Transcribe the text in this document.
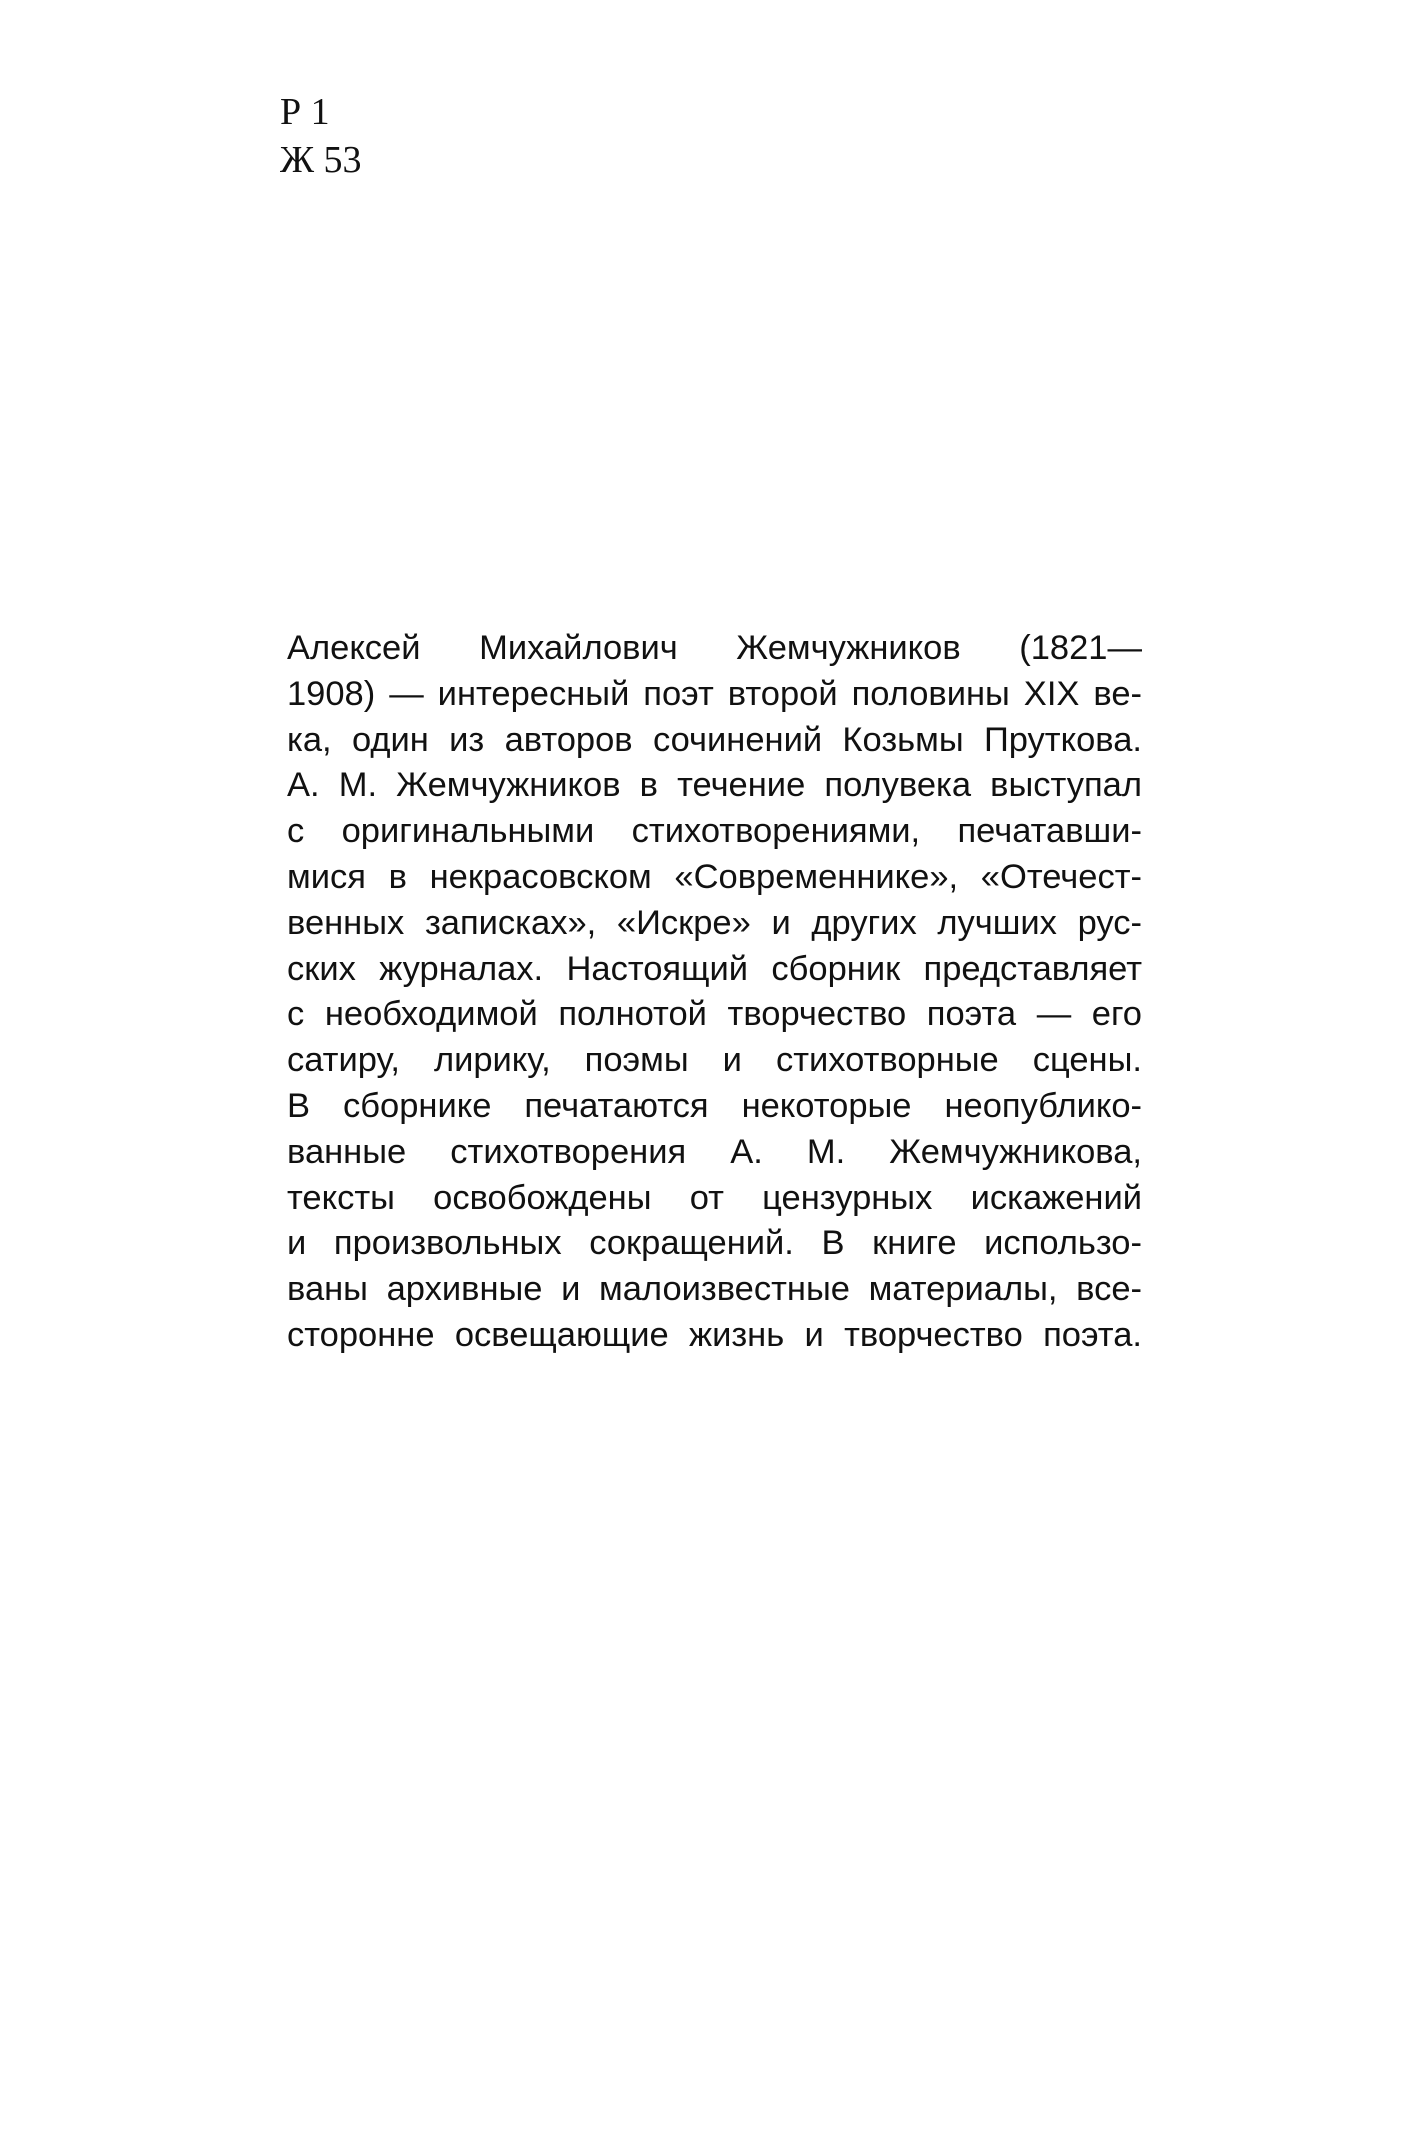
Р 1
Ж 53
Алексей Михайлович Жемчужников (1821—
1908) — интересный поэт второй половины XIX ве-
ка, один из авторов сочинений Козьмы Пруткова.
А. М. Жемчужников в течение полувека выступал
с оригинальными стихотворениями, печатавши-
мися в некрасовском «Современнике», «Отечест-
венных записках», «Искре» и других лучших рус-
ских журналах. Настоящий сборник представляет
с необходимой полнотой творчество поэта — его
сатиру, лирику, поэмы и стихотворные сцены.
В сборнике печатаются некоторые неопублико-
ванные стихотворения А. М. Жемчужникова,
тексты освобождены от цензурных искажений
и произвольных сокращений. В книге использо-
ваны архивные и малоизвестные материалы, все-
сторонне освещающие жизнь и творчество поэта.
